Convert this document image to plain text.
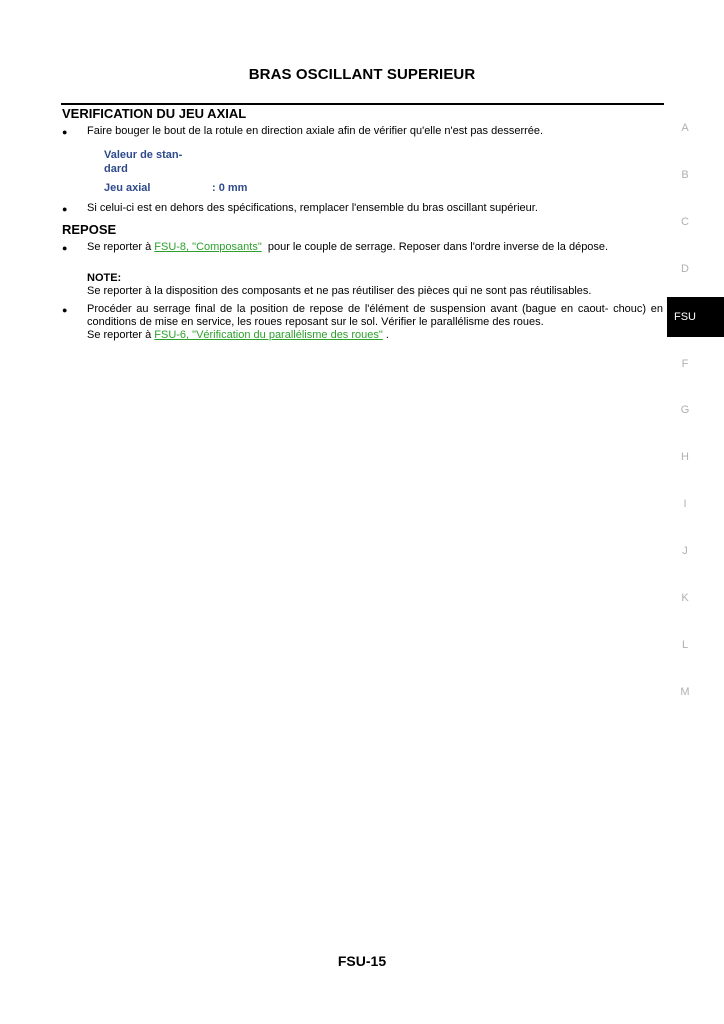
BRAS OSCILLANT SUPERIEUR
VERIFICATION DU JEU AXIAL
● Faire bouger le bout de la rotule en direction axiale afin de vérifier qu'elle n'est pas desserrée.
Valeur de stan- dard
Jeu axial	: 0 mm
● Si celui-ci est en dehors des spécifications, remplacer l'ensemble du bras oscillant supérieur.
REPOSE
● Se reporter à FSU-8, "Composants"  pour le couple de serrage. Reposer dans l'ordre inverse de la dépose.
NOTE:
Se reporter à la disposition des composants et ne pas réutiliser des pièces qui ne sont pas réutilisables.
● Procéder au serrage final de la position de repose de l'élément de suspension avant (bague en caout- chouc) en conditions de mise en service, les roues reposant sur le sol. Vérifier le parallélisme des roues.
Se reporter à FSU-6, "Vérification du parallélisme des roues" .
A
B
C
D
FSU
F
G
H
I
J
K
L
M
FSU-15
